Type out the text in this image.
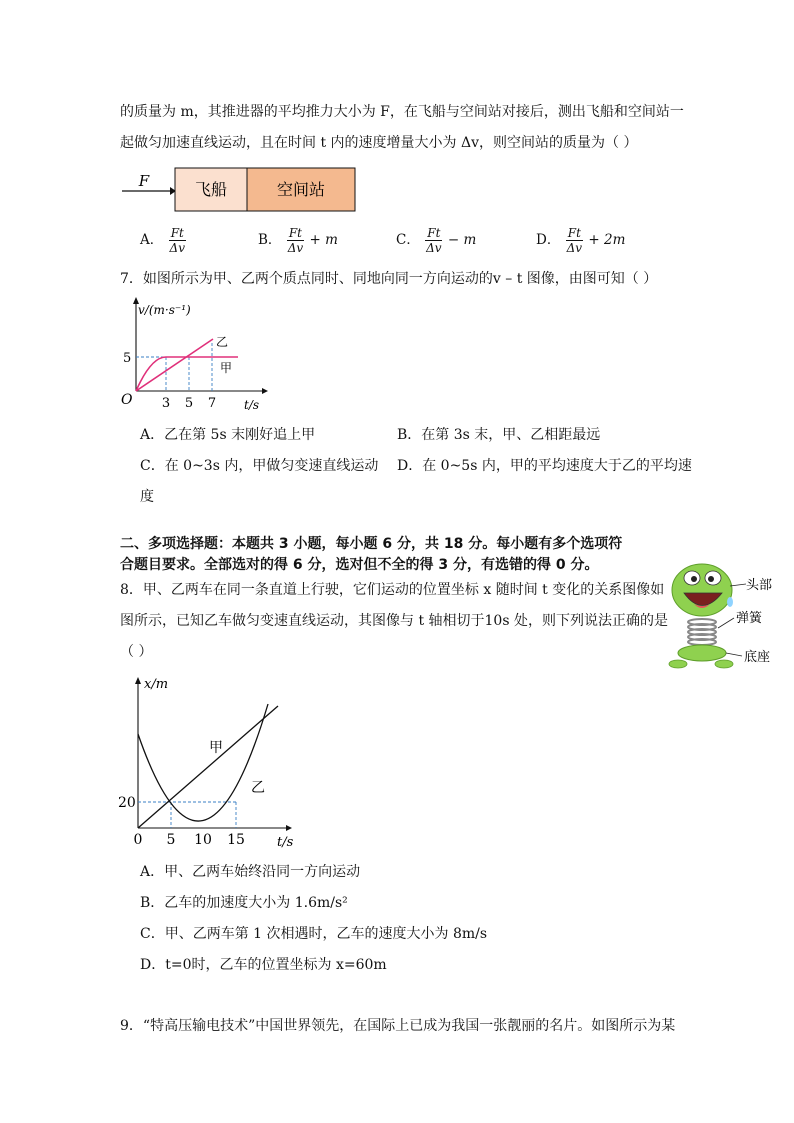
的质量为 m，其推进器的平均推力大小为 F，在飞船与空间站对接后，测出飞船和空间站一
起做匀加速直线运动，且在时间 t 内的速度增量大小为 Δv，则空间站的质量为（ ）
F	飞船	空间站
A． $\frac{Ft}{\Delta v}$	B． $\frac{Ft}{\Delta v} + m$	C． $\frac{Ft}{\Delta v} - m$	D． $\frac{Ft}{\Delta v} + 2m$
7．如图所示为甲、乙两个质点同时、同地向同一方向运动的v – t 图像，由图可知（ ）
v/(m·s⁻¹)
t/s
O
5
3 5 7
乙
甲
A．乙在第 5s 末刚好追上甲	B．在第 3s 末，甲、乙相距最远
C．在 0~3s 内，甲做匀变速直线运动 D．在 0~5s 内，甲的平均速度大于乙的平均速
度
二、多项选择题：本题共 3 小题，每小题 6 分，共 18 分。每小题有多个选项符
合题目要求。全部选对的得 6 分，选对但不全的得 3 分，有选错的得 0 分。
8．甲、乙两车在同一条直道上行驶，它们运动的位置坐标 x 随时间 t 变化的关系图像如
图所示，已知乙车做匀变速直线运动，其图像与 t 轴相切于10s 处，则下列说法正确的是
（ ）
头部
弹簧
底座
x/m
t/s
0
20
5 10 15
甲
乙
A．甲、乙两车始终沿同一方向运动
B．乙车的加速度大小为 1.6m/s²
C．甲、乙两车第 1 次相遇时，乙车的速度大小为 8m/s
D．t=0时，乙车的位置坐标为 x=60m
9．“特高压输电技术”中国世界领先，在国际上已成为我国一张靓丽的名片。如图所示为某
